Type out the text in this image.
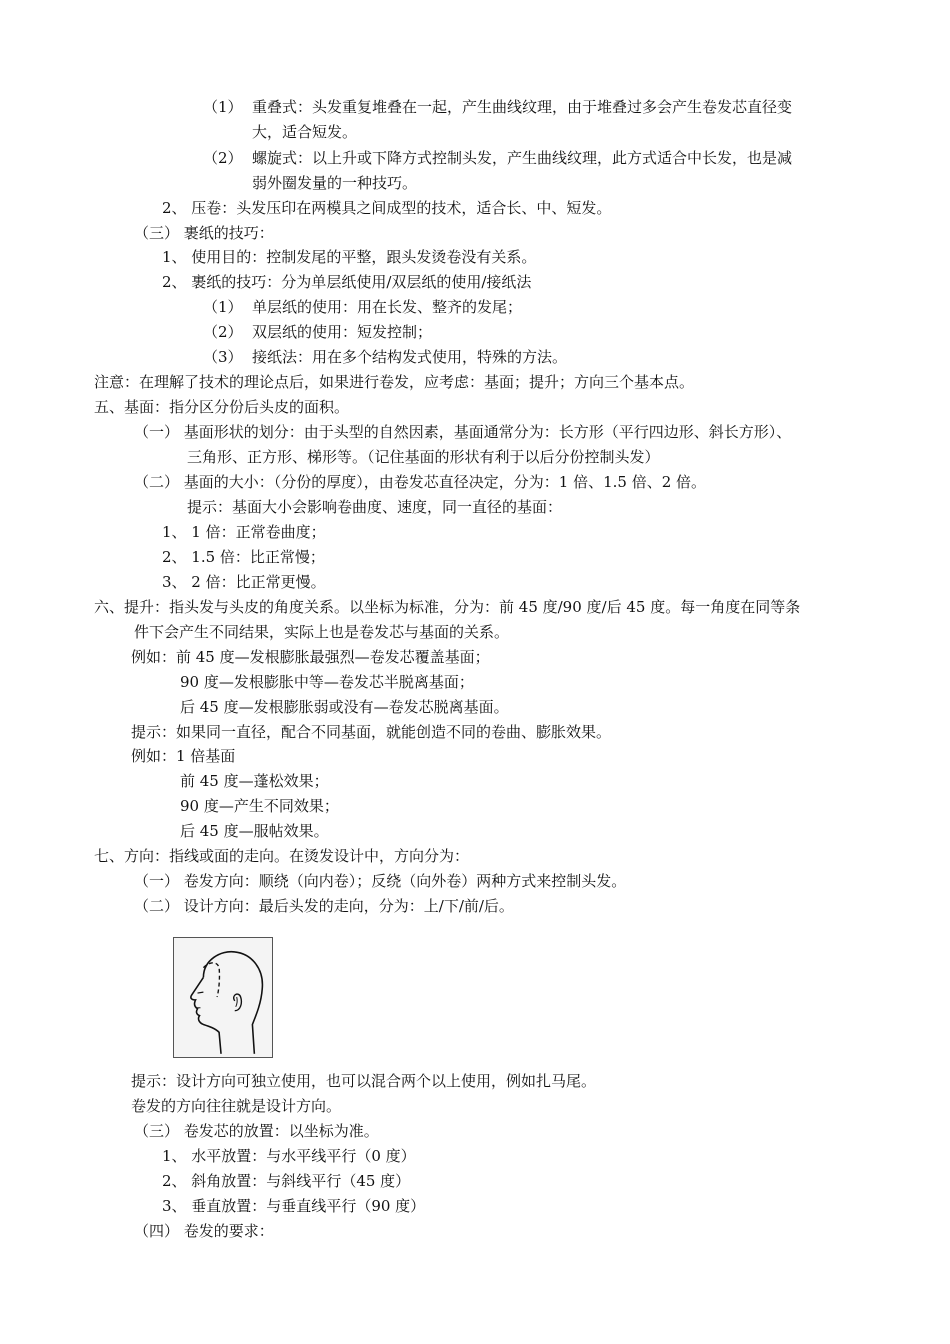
（1） 重叠式：头发重复堆叠在一起，产生曲线纹理，由于堆叠过多会产生卷发芯直径变
大，适合短发。
（2） 螺旋式：以上升或下降方式控制头发，产生曲线纹理，此方式适合中长发，也是减
弱外圈发量的一种技巧。
2、 压卷：头发压印在两模具之间成型的技术，适合长、中、短发。
（三） 裹纸的技巧：
1、 使用目的：控制发尾的平整，跟头发烫卷没有关系。
2、 裹纸的技巧：分为单层纸使用/双层纸的使用/接纸法
（1） 单层纸的使用：用在长发、整齐的发尾；
（2） 双层纸的使用：短发控制；
（3） 接纸法：用在多个结构发式使用，特殊的方法。
注意：在理解了技术的理论点后，如果进行卷发，应考虑：基面；提升；方向三个基本点。
五、基面：指分区分份后头皮的面积。
（一） 基面形状的划分：由于头型的自然因素，基面通常分为：长方形（平行四边形、斜长方形）、
三角形、正方形、梯形等。（记住基面的形状有利于以后分份控制头发）
（二） 基面的大小：（分份的厚度），由卷发芯直径决定，分为：1 倍、1.5 倍、2 倍。
提示：基面大小会影响卷曲度、速度，同一直径的基面：
1、 1 倍：正常卷曲度；
2、 1.5 倍：比正常慢；
3、 2 倍：比正常更慢。
六、提升：指头发与头皮的角度关系。以坐标为标准，分为：前 45 度/90 度/后 45 度。每一角度在同等条
件下会产生不同结果，实际上也是卷发芯与基面的关系。
例如：前 45 度—发根膨胀最强烈—卷发芯覆盖基面；
90 度—发根膨胀中等—卷发芯半脱离基面；
后 45 度—发根膨胀弱或没有—卷发芯脱离基面。
提示：如果同一直径，配合不同基面，就能创造不同的卷曲、膨胀效果。
例如：1 倍基面
前 45 度—蓬松效果；
90 度—产生不同效果；
后 45 度—服帖效果。
七、方向：指线或面的走向。在烫发设计中，方向分为：
（一） 卷发方向：顺绕（向内卷）；反绕（向外卷）两种方式来控制头发。
（二） 设计方向：最后头发的走向，分为：上/下/前/后。
提示：设计方向可独立使用，也可以混合两个以上使用，例如扎马尾。
卷发的方向往往就是设计方向。
（三） 卷发芯的放置：以坐标为准。
1、 水平放置：与水平线平行（0 度）
2、 斜角放置：与斜线平行（45 度）
3、 垂直放置：与垂直线平行（90 度）
（四） 卷发的要求：
